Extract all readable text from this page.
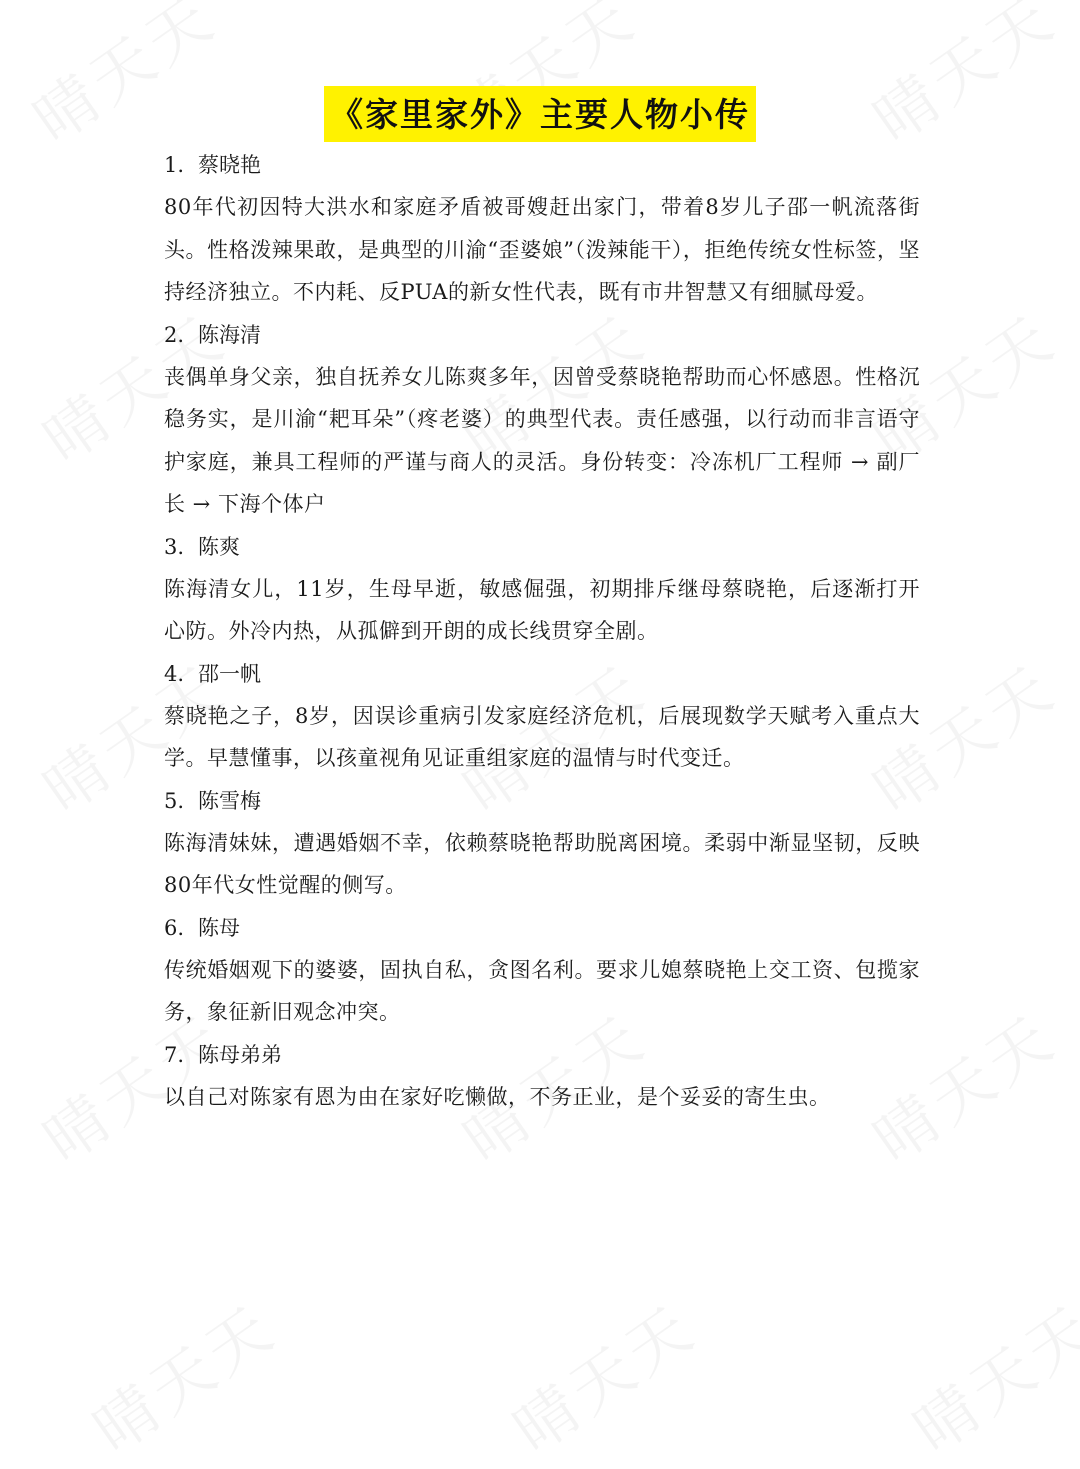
《家里家外》主要人物小传
1. 蔡晓艳
80年代初因特大洪水和家庭矛盾被哥嫂赶出家门，带着8岁儿子邵一帆流落街头。性格泼辣果敢，是典型的川渝“歪婆娘”（泼辣能干），拒绝传统女性标签，坚持经济独立。不内耗、反PUA的新女性代表，既有市井智慧又有细腻母爱。
2. 陈海清
丧偶单身父亲，独自抚养女儿陈爽多年，因曾受蔡晓艳帮助而心怀感恩。性格沉稳务实，是川渝“耙耳朵”（疼老婆）的典型代表。责任感强，以行动而非言语守护家庭，兼具工程师的严谨与商人的灵活。身份转变：冷冻机厂工程师 → 副厂长 → 下海个体户
3. 陈爽
陈海清女儿，11岁，生母早逝，敏感倔强，初期排斥继母蔡晓艳，后逐渐打开心防。外冷内热，从孤僻到开朗的成长线贯穿全剧。
4. 邵一帆
蔡晓艳之子，8岁，因误诊重病引发家庭经济危机，后展现数学天赋考入重点大学。早慧懂事，以孩童视角见证重组家庭的温情与时代变迁。
5. 陈雪梅
陈海清妹妹，遭遇婚姻不幸，依赖蔡晓艳帮助脱离困境。柔弱中渐显坚韧，反映80年代女性觉醒的侧写。
6. 陈母
传统婚姻观下的婆婆，固执自私，贪图名利。要求儿媳蔡晓艳上交工资、包揽家务，象征新旧观念冲突。
7. 陈母弟弟
以自己对陈家有恩为由在家好吃懒做，不务正业，是个妥妥的寄生虫。
